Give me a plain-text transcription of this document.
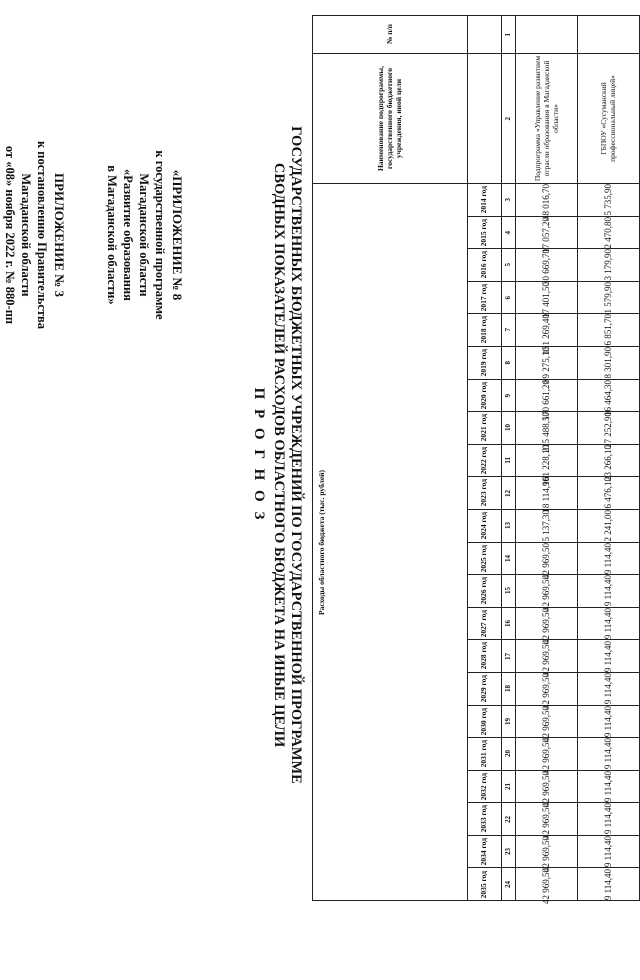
	ГБПОУ «Сусуманский профессиональный лицей»	5 735,90	2 470,80	3 179,90	1 579,90	6 851,70	8 301,90	16 464,30	27 252,90	23 266,10	6 476,10	2 241,00	9 114,40	9 114,40	9 114,40	9 114,40	9 114,40	9 114,40	9 114,40	9 114,40	9 114,40	9 114,40	9 114,40
	Подпрограмма «Управление развитием отрасли образования в Магаданской области»	48 016,70	17 057,20	30 669,70	17 401,50	151 269,40	89 275,10	170 661,20	215 488,50	161 228,10	18 114,90	5 137,30	42 969,50	42 969,50	42 969,50	42 969,50	42 969,50	42 969,50	42 969,50	42 969,50	42 969,50	42 969,50	42 969,50
1	2	3	4	5	6	7	8	9	10	11	12	13	14	15	16	17	18	19	20	21	22	23	24
		2014 год	2015 год	2016 год	2017 год	2018 год	2019 год	2020 год	2021 год	2022 год	2023 год	2024 год	2025 год	2026 год	2027 год	2028 год	2029 год	2030 год	2031 год	2032 год	2033 год	2034 год	2035 год
№ п/п	Наименование подпрограммы, государственного бюджетного учреждения, иной цели	Расходы областного бюджета (тыс. рублей)																					
П Р О Г Н О З СВОДНЫХ ПОКАЗАТЕЛЕЙ РАСХОДОВ ОБЛАСТНОГО БЮДЖЕТА НА ИНЫЕ ЦЕЛИ ГОСУДАРСТВЕННЫХ БЮДЖЕТНЫХ УЧРЕЖДЕНИЙ ПО ГОСУДАРСТВЕННОЙ ПРОГРАММЕ
ПРИЛОЖЕНИЕ № 3
к постановлению Правительства
Магаданской области
от «08» ноября 2022 г. № 880-пп	«ПРИЛОЖЕНИЕ № 8
к государственной программе
Магаданской области
«Развитие образования
в Магаданской области»
